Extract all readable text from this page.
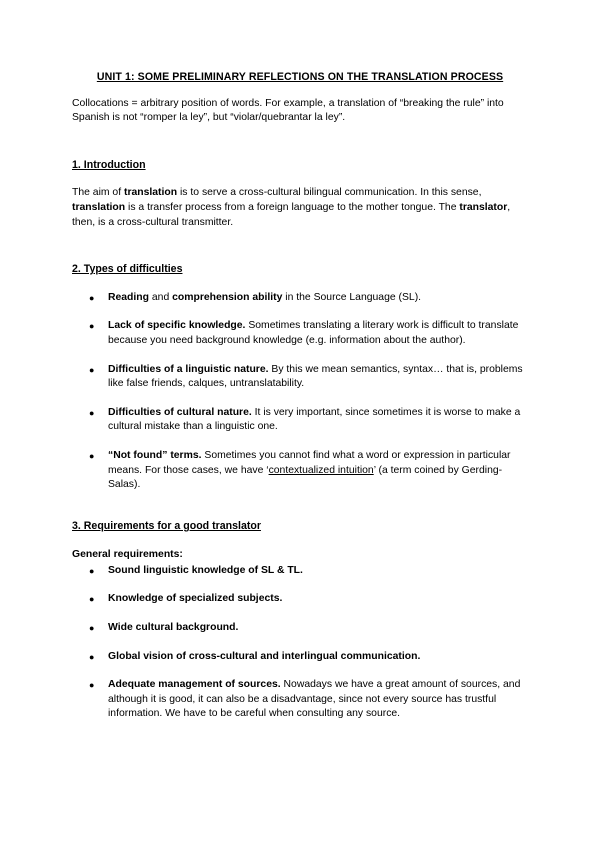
UNIT 1: SOME PRELIMINARY REFLECTIONS ON THE TRANSLATION PROCESS

Collocations = arbitrary position of words. For example, a translation of “breaking the rule” into Spanish is not “romper la ley”, but “violar/quebrantar la ley”.

1. Introduction

The aim of translation is to serve a cross-cultural bilingual communication. In this sense, translation is a transfer process from a foreign language to the mother tongue. The translator, then, is a cross-cultural transmitter.

2. Types of difficulties
● Reading and comprehension ability in the Source Language (SL).
● Lack of specific knowledge. Sometimes translating a literary work is difficult to translate because you need background knowledge (e.g. information about the author).
● Difficulties of a linguistic nature. By this we mean semantics, syntax… that is, problems like false friends, calques, untranslatability.
● Difficulties of cultural nature. It is very important, since sometimes it is worse to make a cultural mistake than a linguistic one.
● “Not found” terms. Sometimes you cannot find what a word or expression in particular means. For those cases, we have ‘contextualized intuition’ (a term coined by Gerding-Salas).
3. Requirements for a good translator

General requirements:

● Sound linguistic knowledge of SL & TL.
● Knowledge of specialized subjects.
● Wide cultural background.
● Global vision of cross-cultural and interlingual communication.
● Adequate management of sources. Nowadays we have a great amount of sources, and although it is good, it can also be a disadvantage, since not every source has trustful information. We have to be careful when consulting any source.
